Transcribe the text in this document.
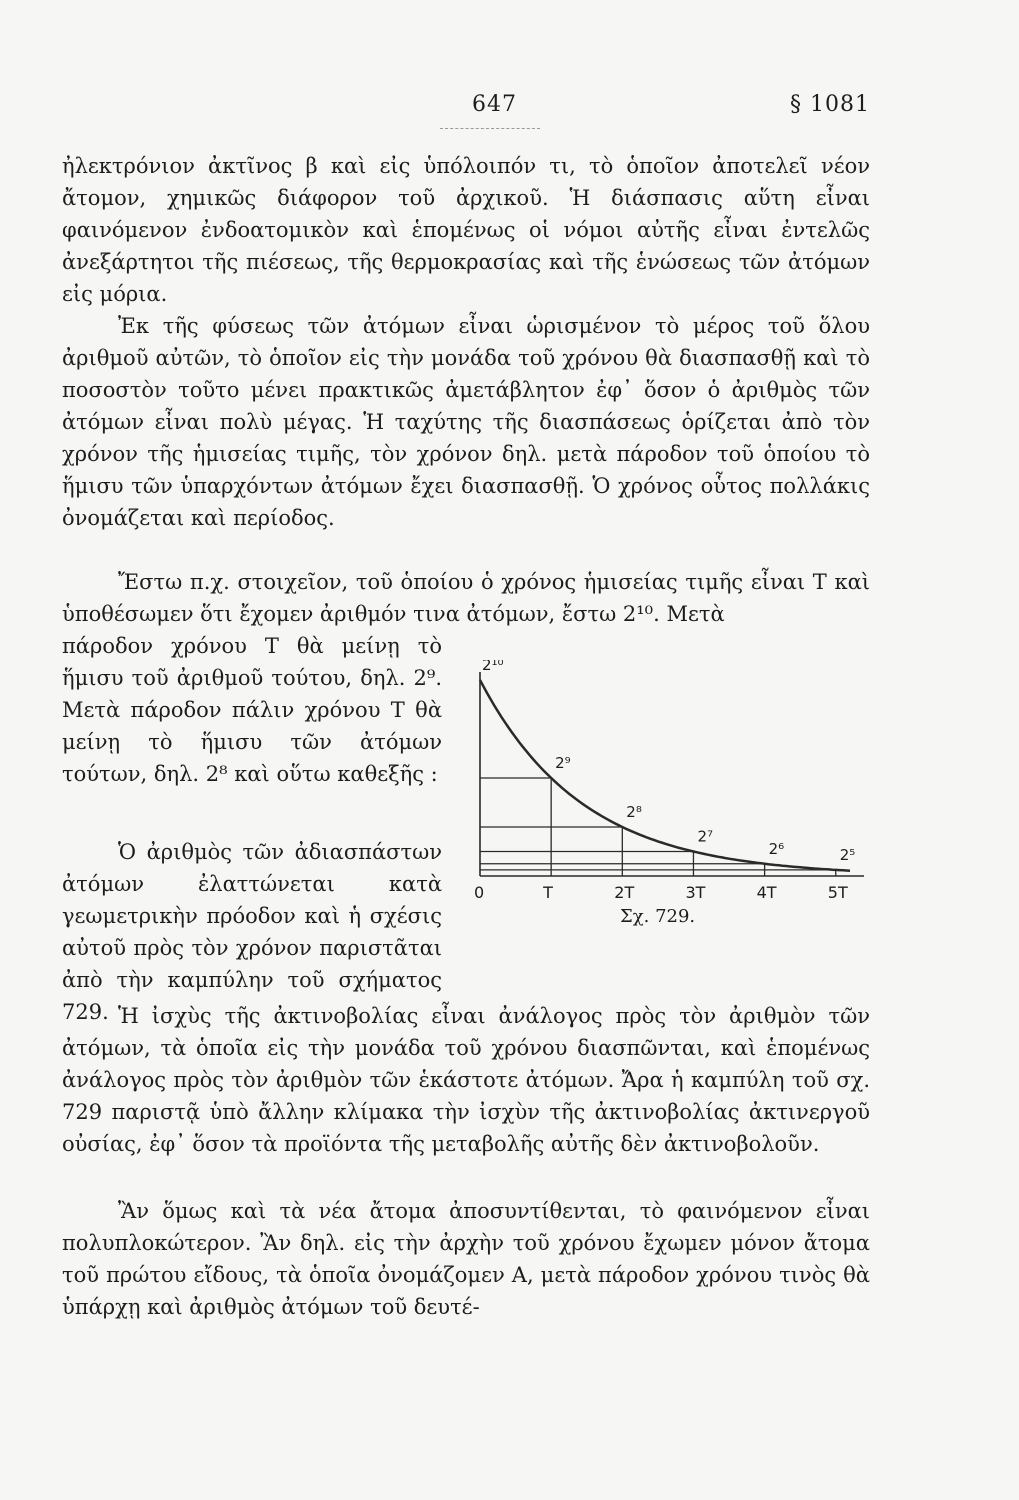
647	§ 1081

ἠλεκτρόνιον ἀκτῖνος β καὶ εἰς ὑπόλοιπόν τι, τὸ ὁποῖον ἀποτελεῖ νέον ἄτομον, χημικῶς διάφορον τοῦ ἀρχικοῦ. Ἡ διάσπασις αὕτη εἶναι φαινόμενον ἐνδοατομικὸν καὶ ἑπομένως οἱ νόμοι αὐτῆς εἶναι ἐντελῶς ἀνεξάρτητοι τῆς πιέσεως, τῆς θερμοκρασίας καὶ τῆς ἑνώσεως τῶν ἀτόμων εἰς μόρια.

Ἐκ τῆς φύσεως τῶν ἀτόμων εἶναι ὡρισμένον τὸ μέρος τοῦ ὅλου ἀριθμοῦ αὐτῶν, τὸ ὁποῖον εἰς τὴν μονάδα τοῦ χρόνου θὰ διασπασθῇ καὶ τὸ ποσοστὸν τοῦτο μένει πρακτικῶς ἀμετάβλητον ἐφ᾽ ὅσον ὁ ἀριθμὸς τῶν ἀτόμων εἶναι πολὺ μέγας. Ἡ ταχύτης τῆς διασπάσεως ὁρίζεται ἀπὸ τὸν χρόνον τῆς ἡμισείας τιμῆς, τὸν χρόνον δηλ. μετὰ πάροδον τοῦ ὁποίου τὸ ἥμισυ τῶν ὑπαρχόντων ἀτόμων ἔχει διασπασθῇ. Ὁ χρόνος οὗτος πολλάκις ὀνομάζεται καὶ περίοδος.

Ἔστω π.χ. στοιχεῖον, τοῦ ὁποίου ὁ χρόνος ἡμισείας τιμῆς εἶναι Τ καὶ ὑποθέσωμεν ὅτι ἔχομεν ἀριθμόν τινα ἀτόμων, ἔστω 2¹⁰. Μετὰ

πάροδον χρόνου Τ θὰ μείνῃ τὸ ἥμισυ τοῦ ἀριθμοῦ τούτου, δηλ. 2⁹. Μετὰ πάροδον πάλιν χρόνου Τ θὰ μείνῃ τὸ ἥμισυ τῶν ἀτόμων τούτων, δηλ. 2⁸ καὶ οὕτω καθεξῆς :

Ὁ ἀριθμὸς τῶν ἀδιασπάστων ἀτόμων ἐλαττώνεται κατὰ γεωμετρικὴν πρόοδον καὶ ἡ σχέσις αὐτοῦ πρὸς τὸν χρόνον παριστᾶται ἀπὸ τὴν καμπύλην τοῦ σχήματος 729. Ἡ ἰσχὺς τῆς ἀκτινοβολίας εἶναι ἀνάλογος πρὸς τὸν ἀριθμὸν τῶν ἀτόμων, τὰ ὁποῖα εἰς τὴν μονάδα τοῦ χρόνου διασπῶνται, καὶ ἑπομένως ἀνάλογος πρὸς τὸν ἀριθμὸν τῶν ἑκάστοτε ἀτόμων. Ἄρα ἡ καμπύλη τοῦ σχ. 729 παριστᾷ ὑπὸ ἄλλην κλίμακα τὴν ἰσχὺν τῆς ἀκτινοβολίας ἀκτινεργοῦ οὐσίας, ἐφ᾽ ὅσον τὰ προϊόντα τῆς μεταβολῆς αὐτῆς δὲν ἀκτινοβολοῦν.

Ἂν ὅμως καὶ τὰ νέα ἄτομα ἀποσυντίθενται, τὸ φαινόμενον εἶναι πολυπλοκώτερον. Ἂν δηλ. εἰς τὴν ἀρχὴν τοῦ χρόνου ἔχωμεν μόνον ἄτομα τοῦ πρώτου εἴδους, τὰ ὁποῖα ὀνομάζομεν Α, μετὰ πάροδον χρόνου τινὸς θὰ ὑπάρχῃ καὶ ἀριθμὸς ἀτόμων τοῦ δευτέ-

0	T	2T	3T	4T	5T
2¹⁰
2⁹
2⁸
2⁷
2⁶	2⁵
Σχ. 729.
